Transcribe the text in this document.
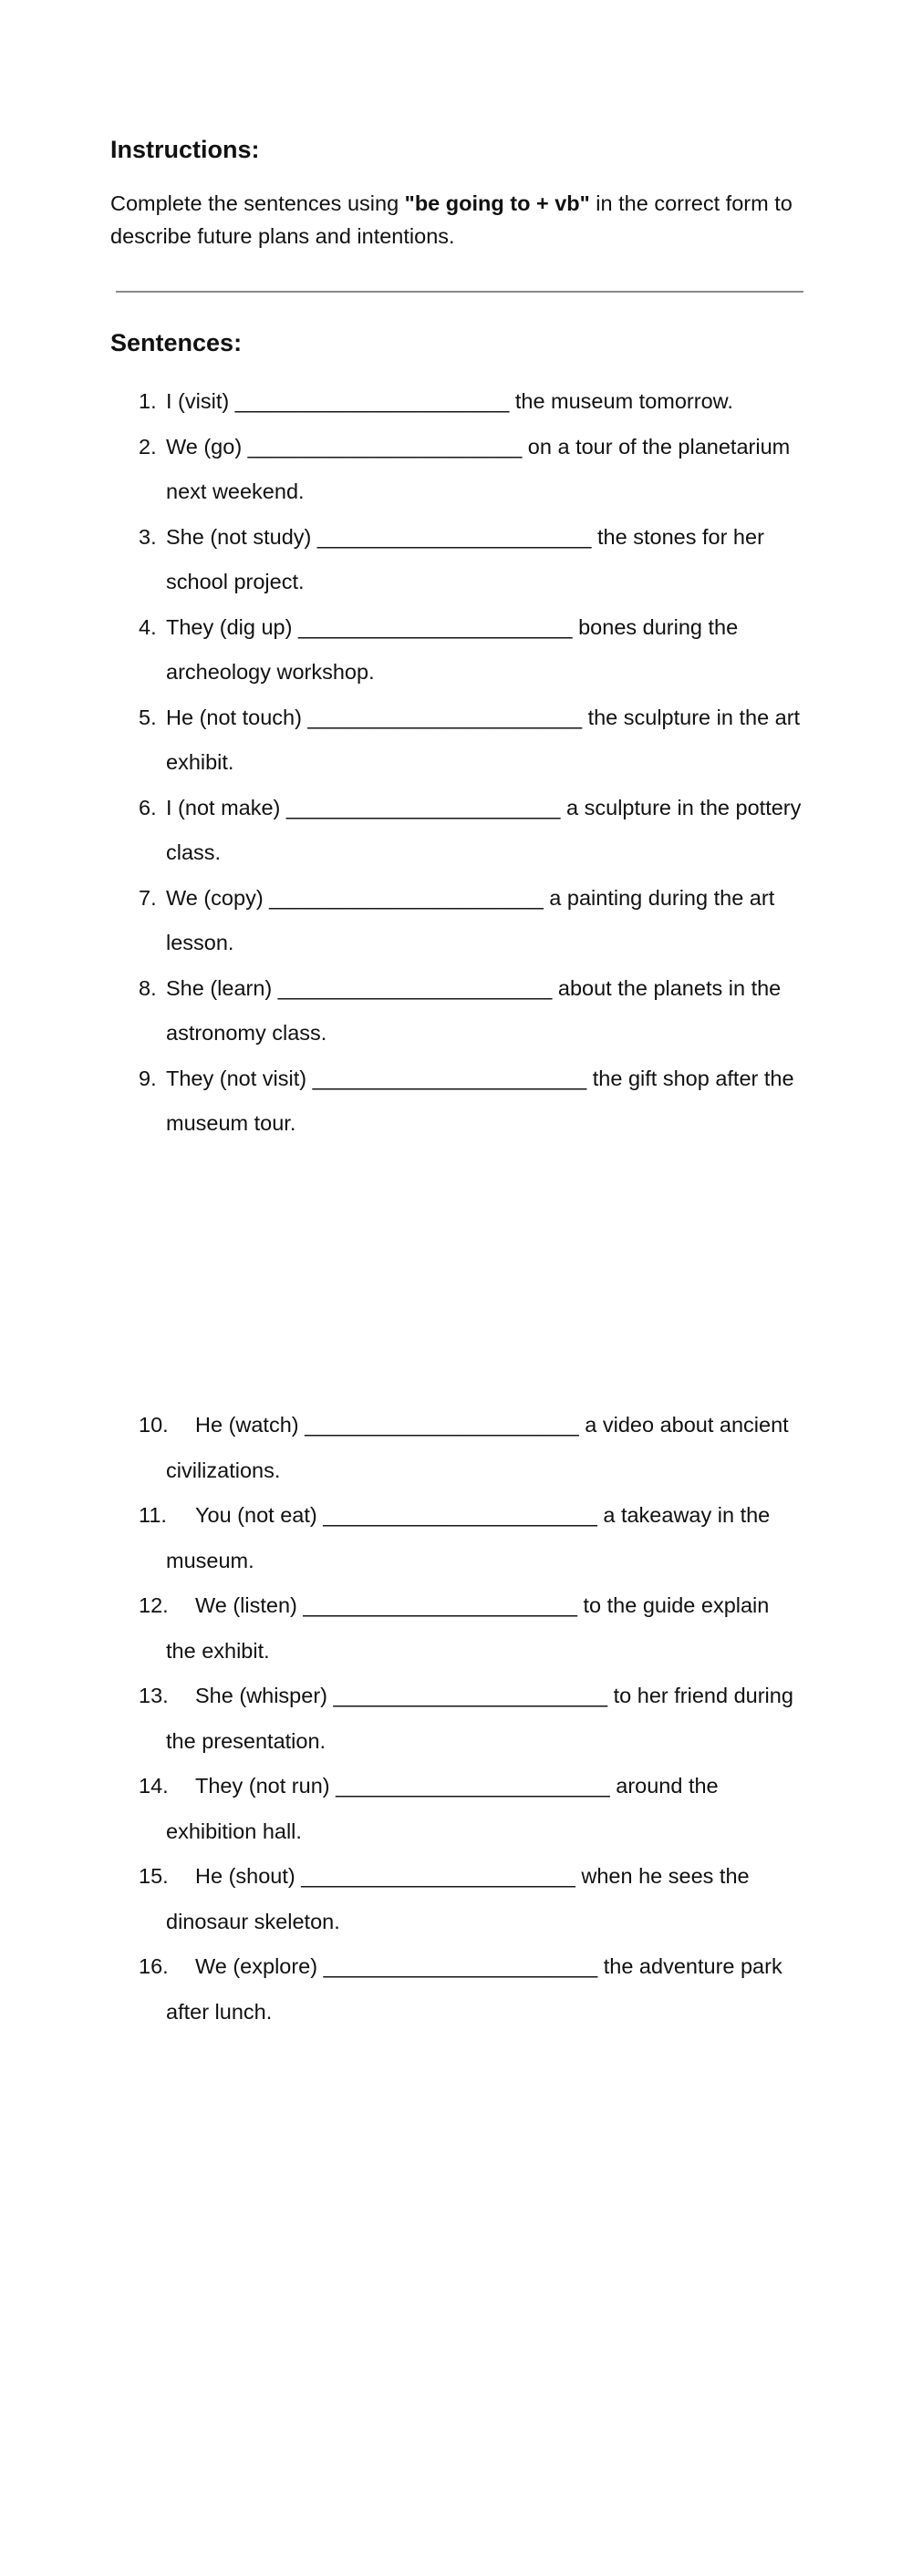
Instructions:

Complete the sentences using "be going to + vb" in the correct form to describe future plans and intentions.

Sentences:
1. I (visit) _______________________ the museum tomorrow.
2. We (go) _______________________ on a tour of the planetarium next weekend.
3. She (not study) _______________________ the stones for her school project.
4. They (dig up) _______________________ bones during the archeology workshop.
5. He (not touch) _______________________ the sculpture in the art exhibit.
6. I (not make) _______________________ a sculpture in the pottery class.
7. We (copy) _______________________ a painting during the art lesson.
8. She (learn) _______________________ about the planets in the astronomy class.
9. They (not visit) _______________________ the gift shop after the museum tour.
10. He (watch) _______________________ a video about ancient civilizations.
11. You (not eat) _______________________ a takeaway in the museum.
12. We (listen) _______________________ to the guide explain the exhibit.
13. She (whisper) _______________________ to her friend during the presentation.
14. They (not run) _______________________ around the exhibition hall.
15. He (shout) _______________________ when he sees the dinosaur skeleton.
16. We (explore) _______________________ the adventure park after lunch.
